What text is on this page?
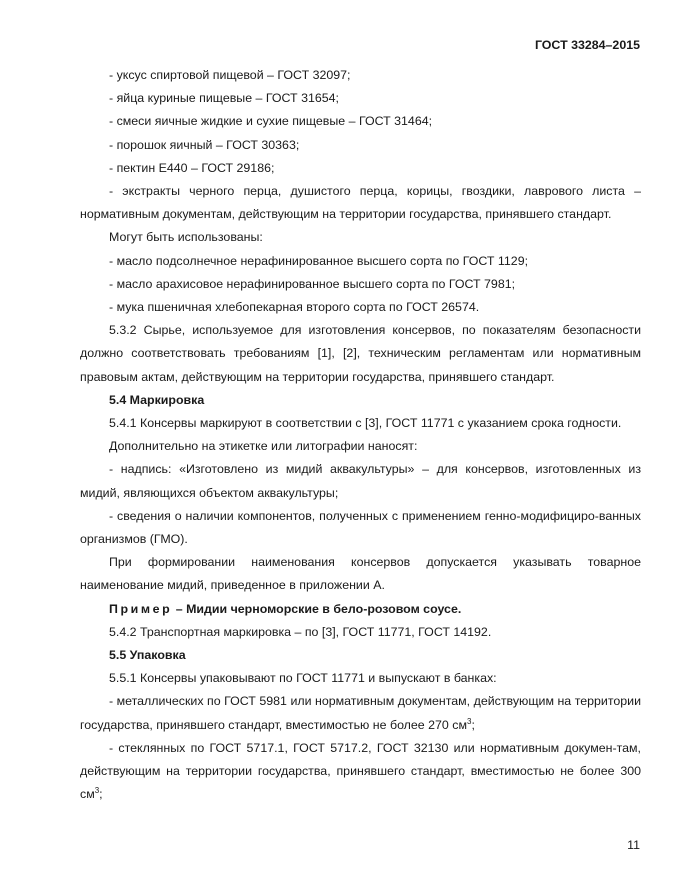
ГОСТ 33284–2015

- уксус спиртовой пищевой – ГОСТ 32097;

- яйца куриные пищевые – ГОСТ 31654;

- смеси яичные жидкие и сухие пищевые – ГОСТ 31464;

- порошок яичный – ГОСТ 30363;

- пектин Е440 – ГОСТ 29186;

- экстракты черного перца, душистого перца, корицы, гвоздики, лаврового листа – нормативным документам, действующим на территории государства, принявшего стандарт.

Могут быть использованы:

- масло подсолнечное нерафинированное высшего сорта по ГОСТ 1129;

- масло арахисовое нерафинированное высшего сорта по ГОСТ 7981;

- мука пшеничная хлебопекарная второго сорта по ГОСТ 26574.

5.3.2 Сырье, используемое для изготовления консервов, по показателям безопасности должно соответствовать требованиям [1], [2], техническим регламентам или нормативным правовым актам, действующим на территории государства, принявшего стандарт.

5.4 Маркировка

5.4.1 Консервы маркируют в соответствии с [3], ГОСТ 11771 с указанием срока годности.

Дополнительно на этикетке или литографии наносят:

- надпись: «Изготовлено из мидий аквакультуры» – для консервов, изготовленных из мидий, являющихся объектом аквакультуры;

- сведения о наличии компонентов, полученных с применением генно-модифициро-ванных организмов (ГМО).

При формировании наименования консервов допускается указывать товарное наименование мидий, приведенное в приложении А.

Пример – Мидии черноморские в бело-розовом соусе.

5.4.2 Транспортная маркировка – по [3], ГОСТ 11771, ГОСТ 14192.

5.5 Упаковка

5.5.1 Консервы упаковывают по ГОСТ 11771 и выпускают в банках:

- металлических по ГОСТ 5981 или нормативным документам, действующим на территории государства, принявшего стандарт, вместимостью не более 270 $см^3$;

- стеклянных по ГОСТ 5717.1, ГОСТ 5717.2, ГОСТ 32130 или нормативным докумен-там, действующим на территории государства, принявшего стандарт, вместимостью не более 300 $см^3$;

11
